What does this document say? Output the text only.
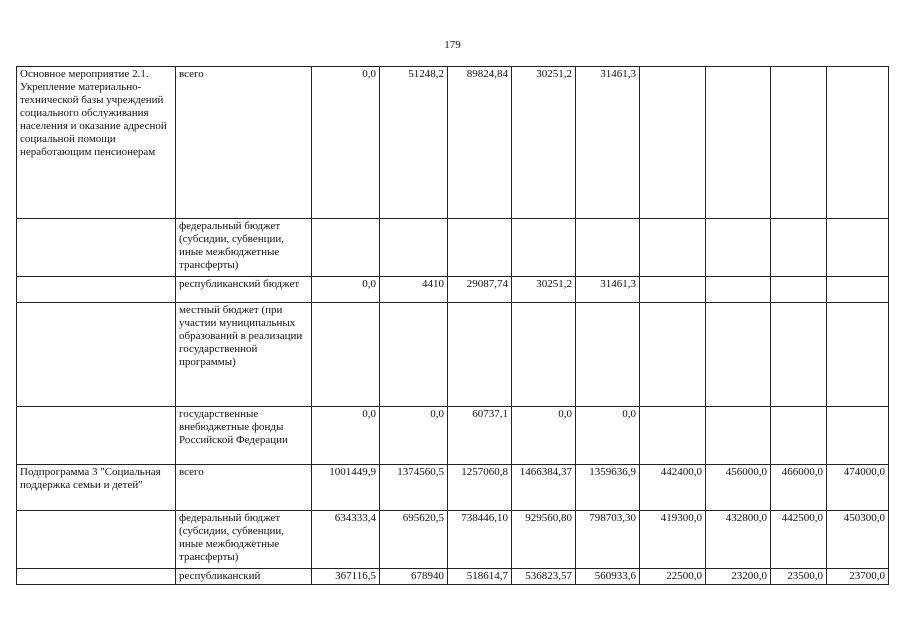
179
Основное мероприятие 2.1. Укрепление материально-технической базы учреждений социального обслуживания населения и оказание адресной социальной помощи неработающим пенсионерам	всего	0,0	51248,2	89824,84	30251,2	31461,3				
	федеральный бюджет (субсидии, субвенции, иные межбюджетные трансферты)									
	республиканский бюджет	0,0	4410	29087,74	30251,2	31461,3				
	местный бюджет (при участии муниципальных образований в реализации государственной программы)									
	государственные внебюджетные фонды Российской Федерации	0,0	0,0	60737,1	0,0	0,0				
Подпрограмма 3 "Социальная поддержка семьи и детей"	всего	1001449,9	1374560,5	1257060,8	1466384,37	1359636,9	442400,0	456000,0	466000,0	474000,0
	федеральный бюджет (субсидии, субвенции, иные межбюджетные трансферты)	634333,4	695620,5	738446,10	929560,80	798703,30	419300,0	432800,0	442500,0	450300,0
	республиканский	367116,5	678940	518614,7	536823,57	560933,6	22500,0	23200,0	23500,0	23700,0
